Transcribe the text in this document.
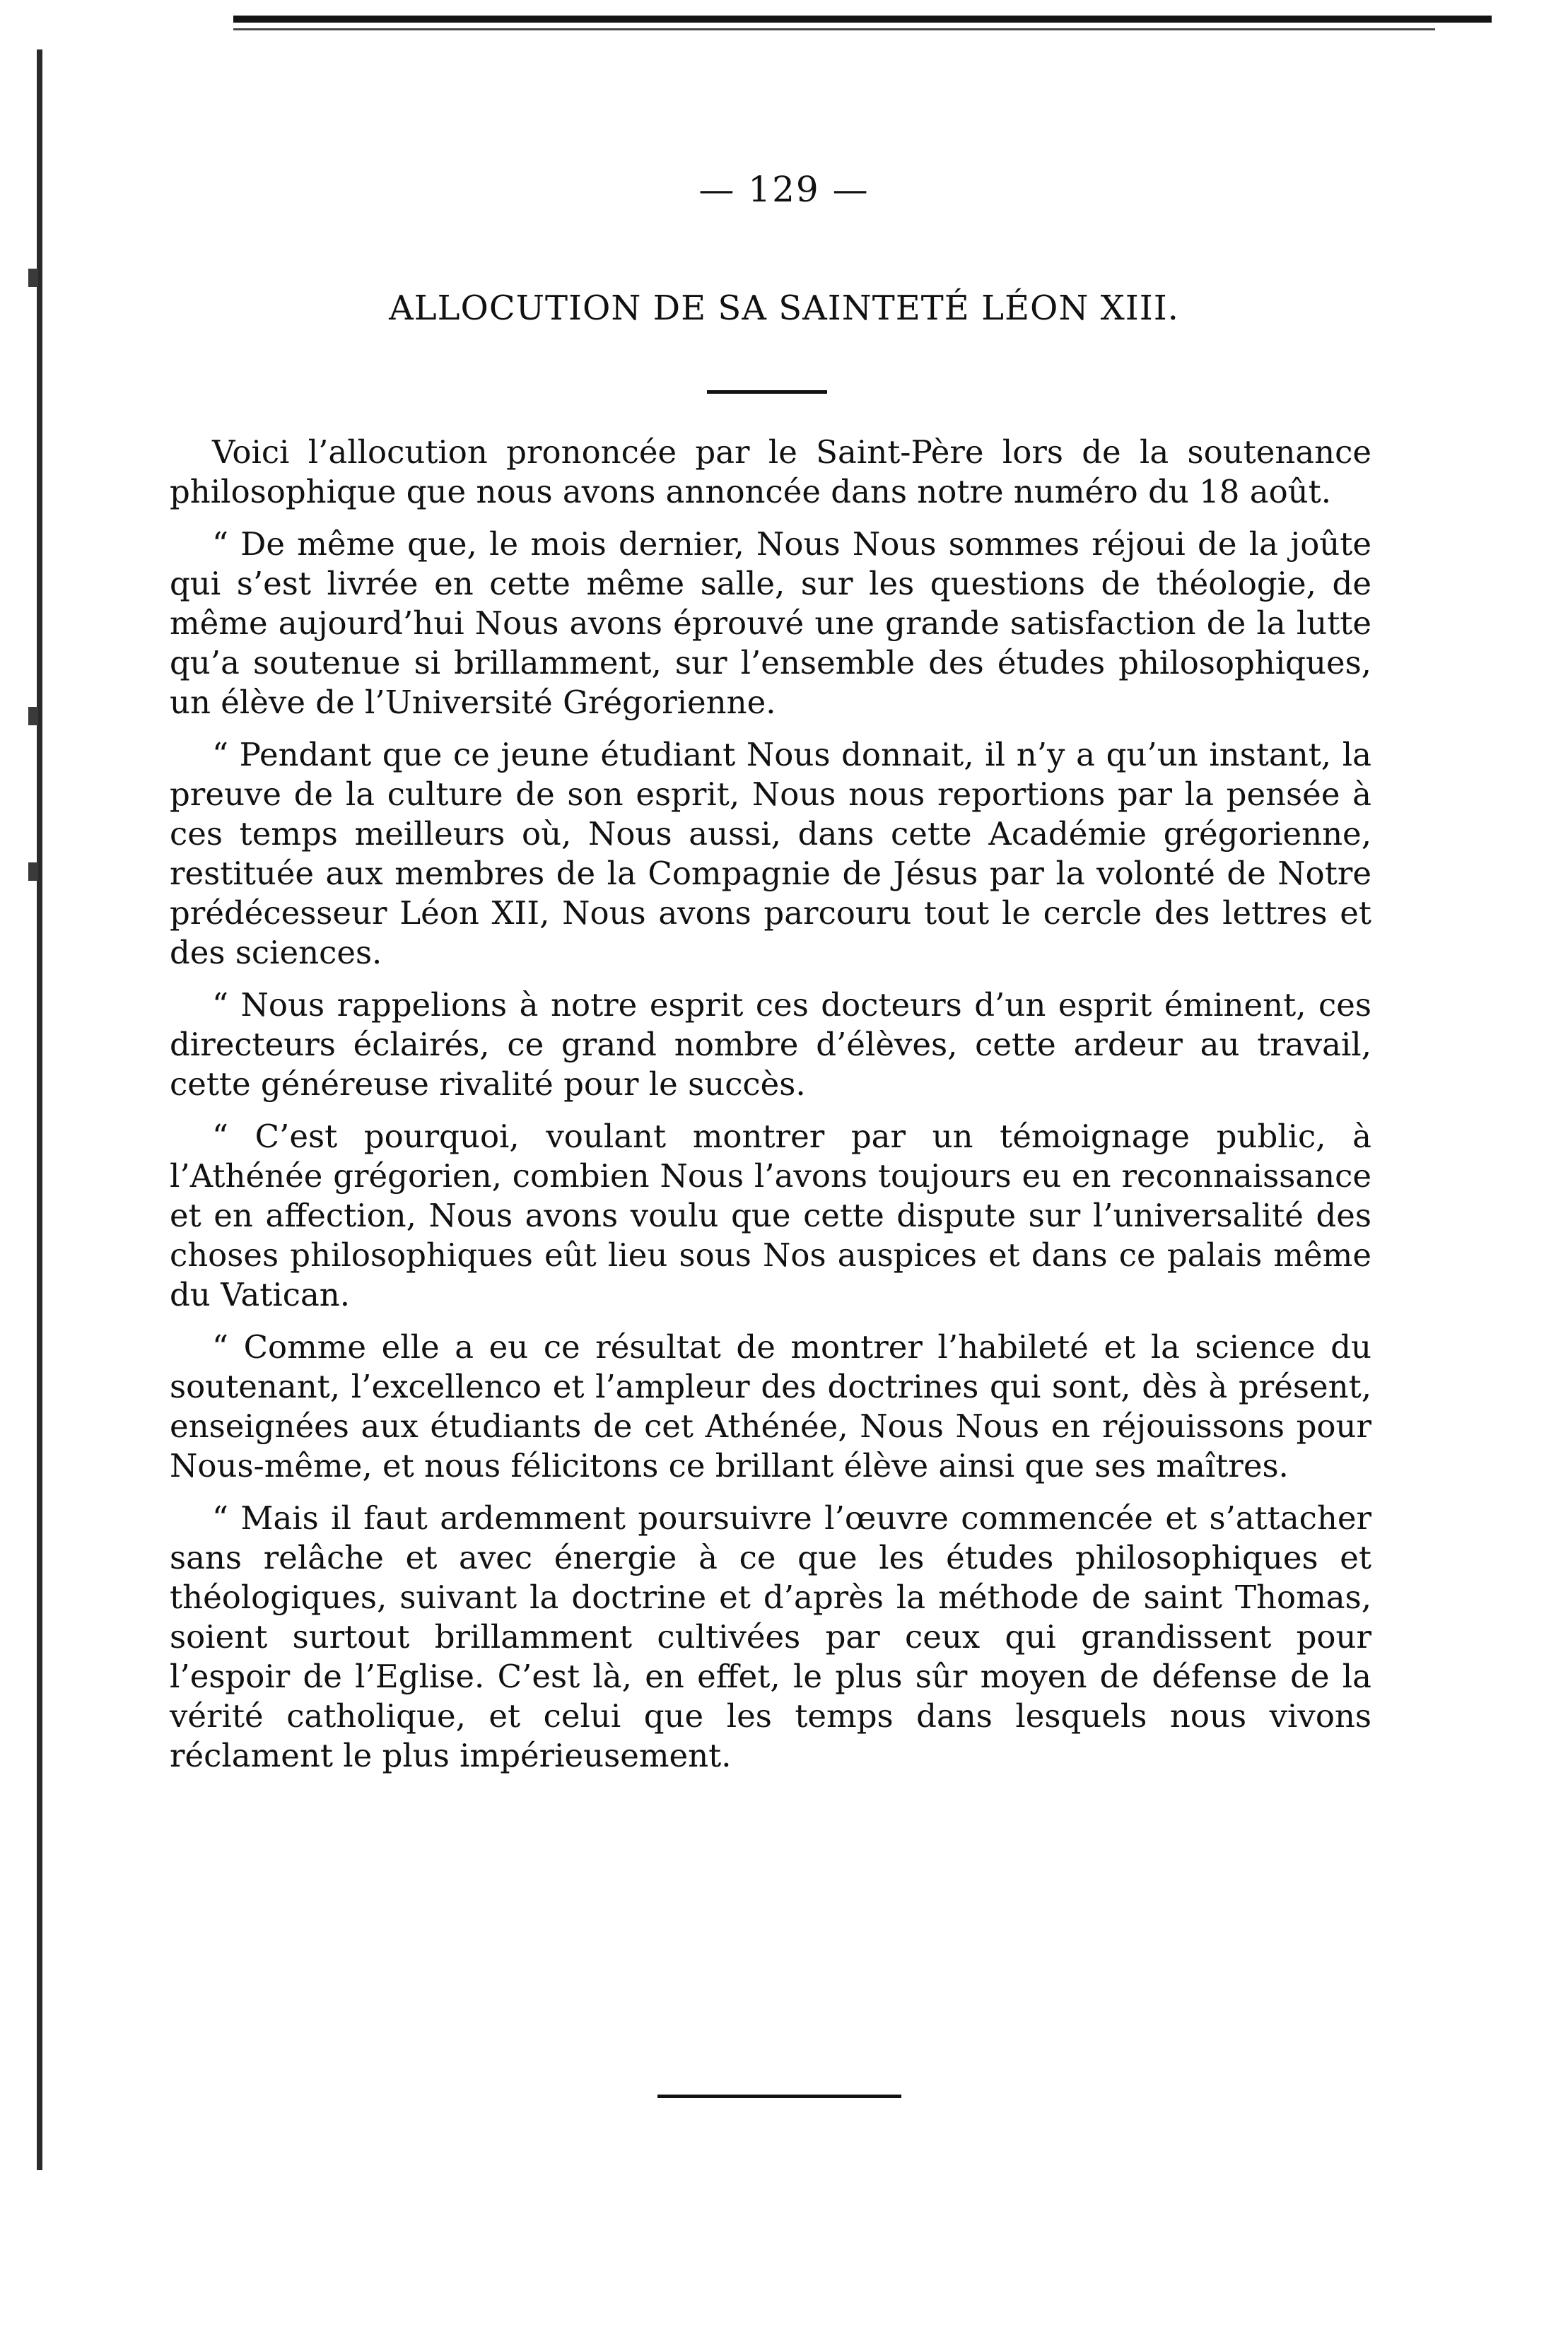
— 129 —
ALLOCUTION DE SA SAINTETÉ LÉON XIII.

Voici l’allocution prononcée par le Saint-Père lors de la soutenance philosophique que nous avons annoncée dans notre numéro du 18 août.

“ De même que, le mois dernier, Nous Nous sommes réjoui de la joûte qui s’est livrée en cette même salle, sur les questions de théologie, de même aujourd’hui Nous avons éprouvé une grande satisfaction de la lutte qu’a soutenue si brillamment, sur l’ensemble des études philosophiques, un élève de l’Université Grégorienne.

“ Pendant que ce jeune étudiant Nous donnait, il n’y a qu’un instant, la preuve de la culture de son esprit, Nous nous reportions par la pensée à ces temps meilleurs où, Nous aussi, dans cette Académie grégorienne, restituée aux membres de la Compagnie de Jésus par la volonté de Notre prédécesseur Léon XII, Nous avons parcouru tout le cercle des lettres et des sciences.

“ Nous rappelions à notre esprit ces docteurs d’un esprit éminent, ces directeurs éclairés, ce grand nombre d’élèves, cette ardeur au travail, cette généreuse rivalité pour le succès.

“ C’est pourquoi, voulant montrer par un témoignage public, à l’Athénée grégorien, combien Nous l’avons toujours eu en reconnaissance et en affection, Nous avons voulu que cette dispute sur l’universalité des choses philosophiques eût lieu sous Nos auspices et dans ce palais même du Vatican.

“ Comme elle a eu ce résultat de montrer l’habileté et la science du soutenant, l’excellenco et l’ampleur des doctrines qui sont, dès à présent, enseignées aux étudiants de cet Athénée, Nous Nous en réjouissons pour Nous-même, et nous félicitons ce brillant élève ainsi que ses maîtres.

“ Mais il faut ardemment poursuivre l’œuvre commencée et s’attacher sans relâche et avec énergie à ce que les études philosophiques et théologiques, suivant la doctrine et d’après la méthode de saint Thomas, soient surtout brillamment cultivées par ceux qui grandissent pour l’espoir de l’Eglise. C’est là, en effet, le plus sûr moyen de défense de la vérité catholique, et celui que les temps dans lesquels nous vivons réclament le plus impérieusement.
